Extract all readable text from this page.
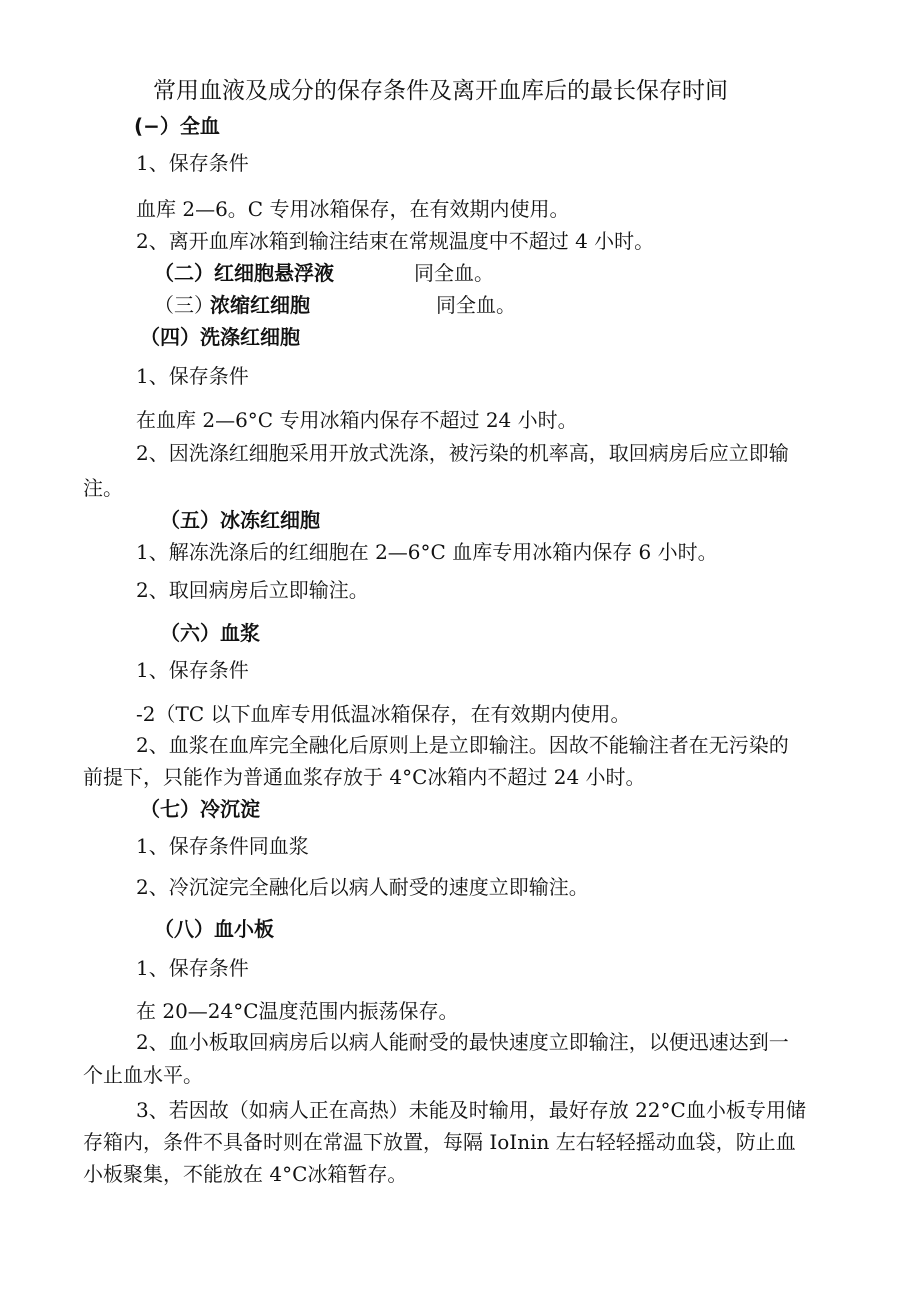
常用血液及成分的保存条件及离开血库后的最长保存时间
(−）全血
1、保存条件
血库 2—6。C 专用冰箱保存，在有效期内使用。
2、离开血库冰箱到输注结束在常规温度中不超过 4 小时。
（二）红细胞悬浮液	同全血。
（三）
浓缩红细胞	同全血。
（四）洗涤红细胞
1、保存条件
在血库 2—6°C 专用冰箱内保存不超过 24 小时。
2、因洗涤红细胞采用开放式洗涤，被污染的机率高，取回病房后应立即输
注。
（五）冰冻红细胞
1、解冻洗涤后的红细胞在 2—6°C 血库专用冰箱内保存 6 小时。
2、取回病房后立即输注。
（六）血浆
1、保存条件
-2（TC 以下血库专用低温冰箱保存，在有效期内使用。
2、血浆在血库完全融化后原则上是立即输注。因故不能输注者在无污染的
前提下，只能作为普通血浆存放于 4°C冰箱内不超过 24 小时。
（七）冷沉淀
1、保存条件同血浆
2、冷沉淀完全融化后以病人耐受的速度立即输注。
（八）血小板
1、保存条件
在 20—24°C温度范围内振荡保存。
2、血小板取回病房后以病人能耐受的最快速度立即输注，以便迅速达到一
个止血水平。
3、若因故（如病人正在高热）未能及时输用，最好存放 22°C血小板专用储
存箱内，条件不具备时则在常温下放置，每隔 IoInin 左右轻轻摇动血袋，防止血
小板聚集，不能放在 4°C冰箱暂存。
